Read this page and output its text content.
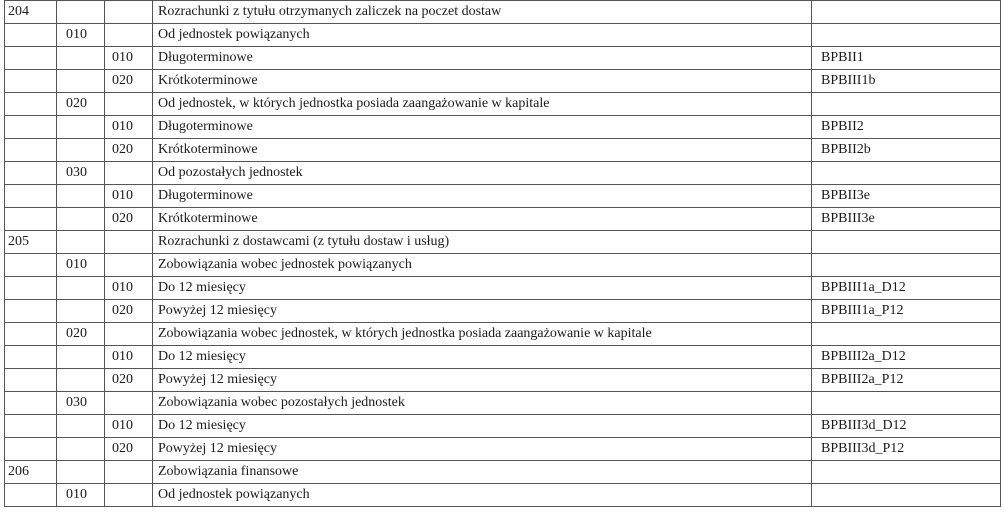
204			Rozrachunki z tytułu otrzymanych zaliczek na poczet dostaw	
	010		Od jednostek powiązanych	
		010	Długoterminowe	BPBII1
		020	Krótkoterminowe	BPBIII1b
	020		Od jednostek, w których jednostka posiada zaangażowanie w kapitale	
		010	Długoterminowe	BPBII2
		020	Krótkoterminowe	BPBII2b
	030		Od pozostałych jednostek	
		010	Długoterminowe	BPBII3e
		020	Krótkoterminowe	BPBIII3e
205			Rozrachunki z dostawcami (z tytułu dostaw i usług)	
	010		Zobowiązania wobec jednostek powiązanych	
		010	Do 12 miesięcy	BPBIII1a_D12
		020	Powyżej 12 miesięcy	BPBIII1a_P12
	020		Zobowiązania wobec jednostek, w których jednostka posiada zaangażowanie w kapitale	
		010	Do 12 miesięcy	BPBIII2a_D12
		020	Powyżej 12 miesięcy	BPBIII2a_P12
	030		Zobowiązania wobec pozostałych jednostek	
		010	Do 12 miesięcy	BPBIII3d_D12
		020	Powyżej 12 miesięcy	BPBIII3d_P12
206			Zobowiązania finansowe	
	010		Od jednostek powiązanych	
